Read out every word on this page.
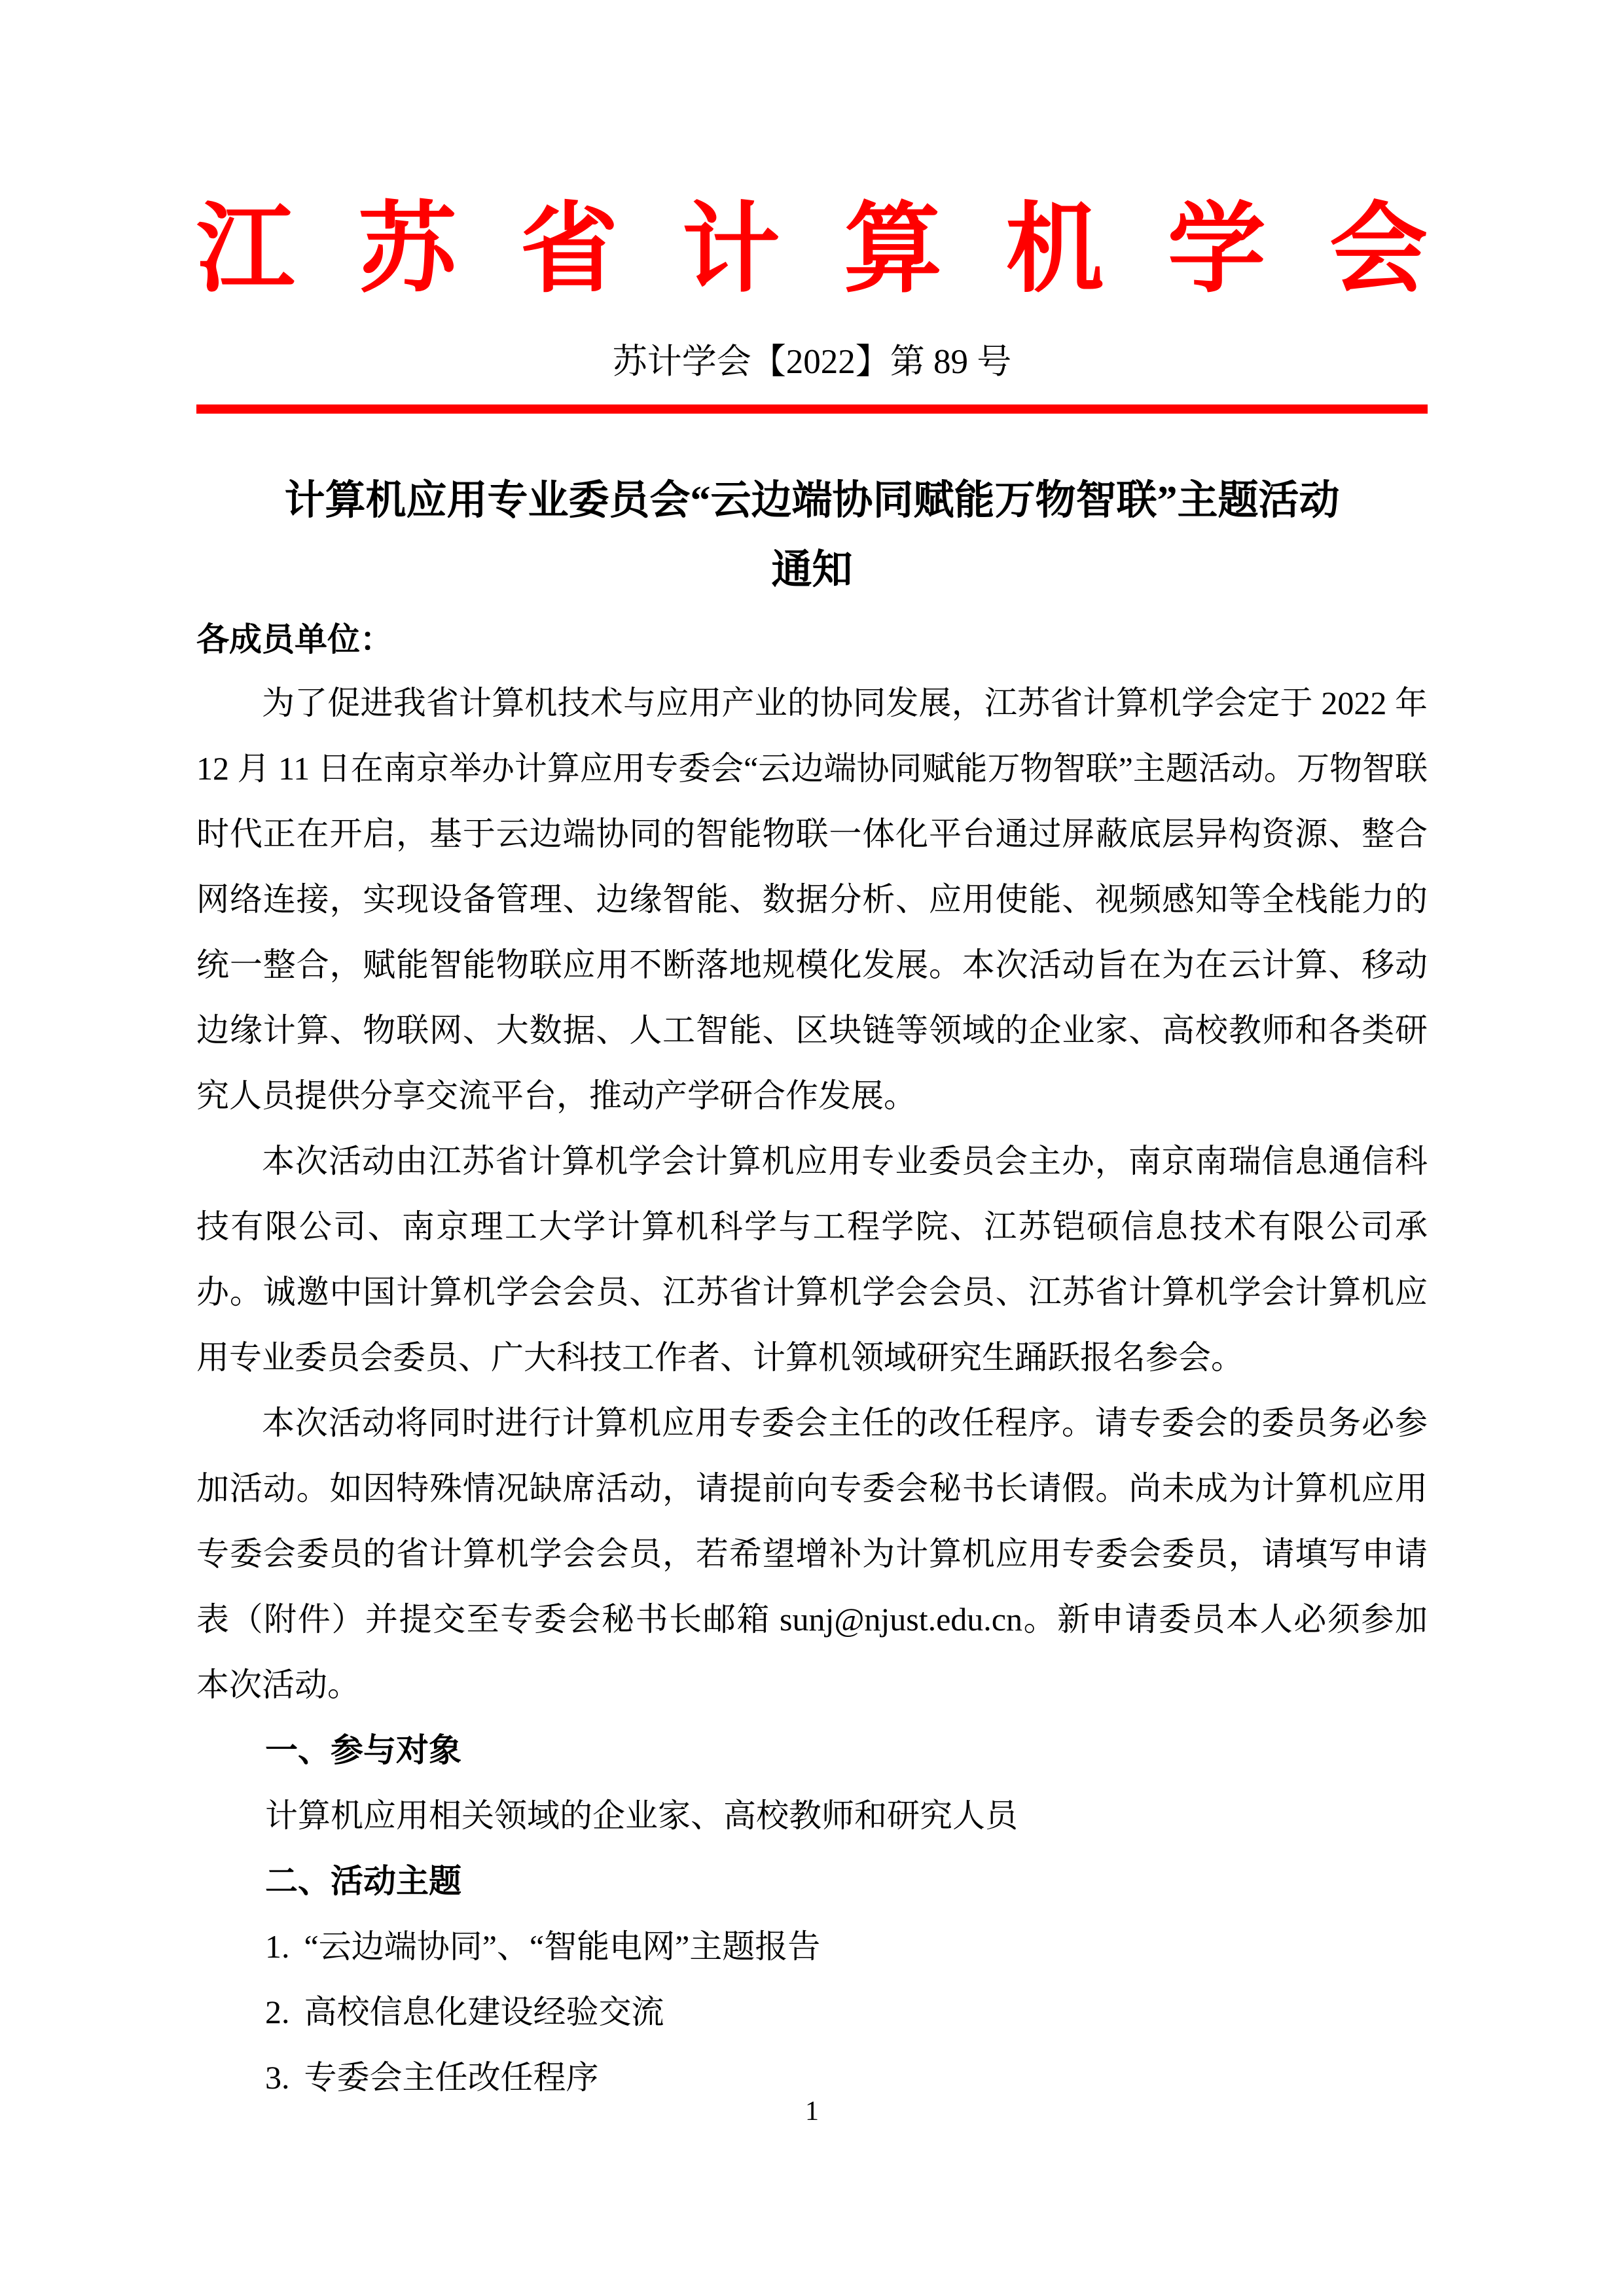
江苏省计算机学会
苏计学会【2022】第 89 号
计算机应用专业委员会“云边端协同赋能万物智联”主题活动
通知
各成员单位：

为了促进我省计算机技术与应用产业的协同发展，江苏省计算机学会定于 2022 年 12 月 11 日在南京举办计算应用专委会“云边端协同赋能万物智联”主题活动。万物智联时代正在开启，基于云边端协同的智能物联一体化平台通过屏蔽底层异构资源、整合网络连接，实现设备管理、边缘智能、数据分析、应用使能、视频感知等全栈能力的统一整合，赋能智能物联应用不断落地规模化发展。本次活动旨在为在云计算、移动边缘计算、物联网、大数据、人工智能、区块链等领域的企业家、高校教师和各类研究人员提供分享交流平台，推动产学研合作发展。

本次活动由江苏省计算机学会计算机应用专业委员会主办，南京南瑞信息通信科技有限公司、南京理工大学计算机科学与工程学院、江苏铠硕信息技术有限公司承办。诚邀中国计算机学会会员、江苏省计算机学会会员、江苏省计算机学会计算机应用专业委员会委员、广大科技工作者、计算机领域研究生踊跃报名参会。

本次活动将同时进行计算机应用专委会主任的改任程序。请专委会的委员务必参加活动。如因特殊情况缺席活动，请提前向专委会秘书长请假。尚未成为计算机应用专委会委员的省计算机学会会员，若希望增补为计算机应用专委会委员，请填写申请表（附件）并提交至专委会秘书长邮箱 sunj@njust.edu.cn。新申请委员本人必须参加本次活动。

一、参与对象
计算机应用相关领域的企业家、高校教师和研究人员
二、活动主题
1. “云边端协同”、“智能电网”主题报告
2. 高校信息化建设经验交流
3. 专委会主任改任程序
1
